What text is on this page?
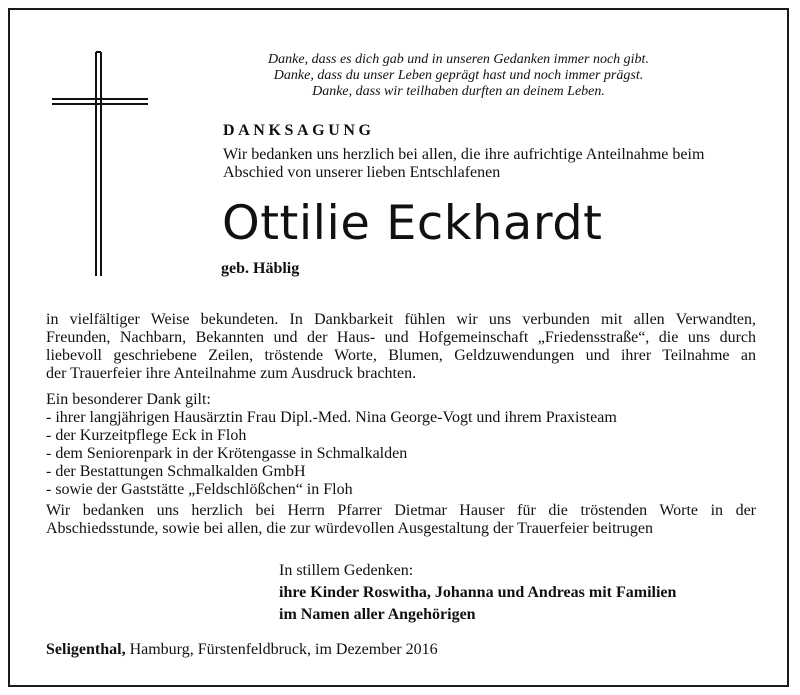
Danke, dass es dich gab und in unseren Gedanken immer noch gibt.
Danke, dass du unser Leben geprägt hast und noch immer prägst.
Danke, dass wir teilhaben durften an deinem Leben.
DANKSAGUNG
Wir bedanken uns herzlich bei allen, die ihre aufrichtige Anteilnahme beim
Abschied von unserer lieben Entschlafenen
Ottilie Eckhardt
geb. Häblig
in vielfältiger Weise bekundeten. In Dankbarkeit fühlen wir uns verbunden mit allen Verwandten,
Freunden, Nachbarn, Bekannten und der Haus- und Hofgemeinschaft „Friedensstraße“, die uns durch
liebevoll geschriebene Zeilen, tröstende Worte, Blumen, Geldzuwendungen und ihrer Teilnahme an
der Trauerfeier ihre Anteilnahme zum Ausdruck brachten.
Ein besonderer Dank gilt:
- ihrer langjährigen Hausärztin Frau Dipl.-Med. Nina George-Vogt und ihrem Praxisteam
- der Kurzeitpflege Eck in Floh
- dem Seniorenpark in der Krötengasse in Schmalkalden
- der Bestattungen Schmalkalden GmbH
- sowie der Gaststätte „Feldschlößchen“ in Floh
Wir bedanken uns herzlich bei Herrn Pfarrer Dietmar Hauser für die tröstenden Worte in der
Abschiedsstunde, sowie bei allen, die zur würdevollen Ausgestaltung der Trauerfeier beitrugen
In stillem Gedenken:
ihre Kinder Roswitha, Johanna und Andreas mit Familien
im Namen aller Angehörigen
Seligenthal, Hamburg, Fürstenfeldbruck, im Dezember 2016
